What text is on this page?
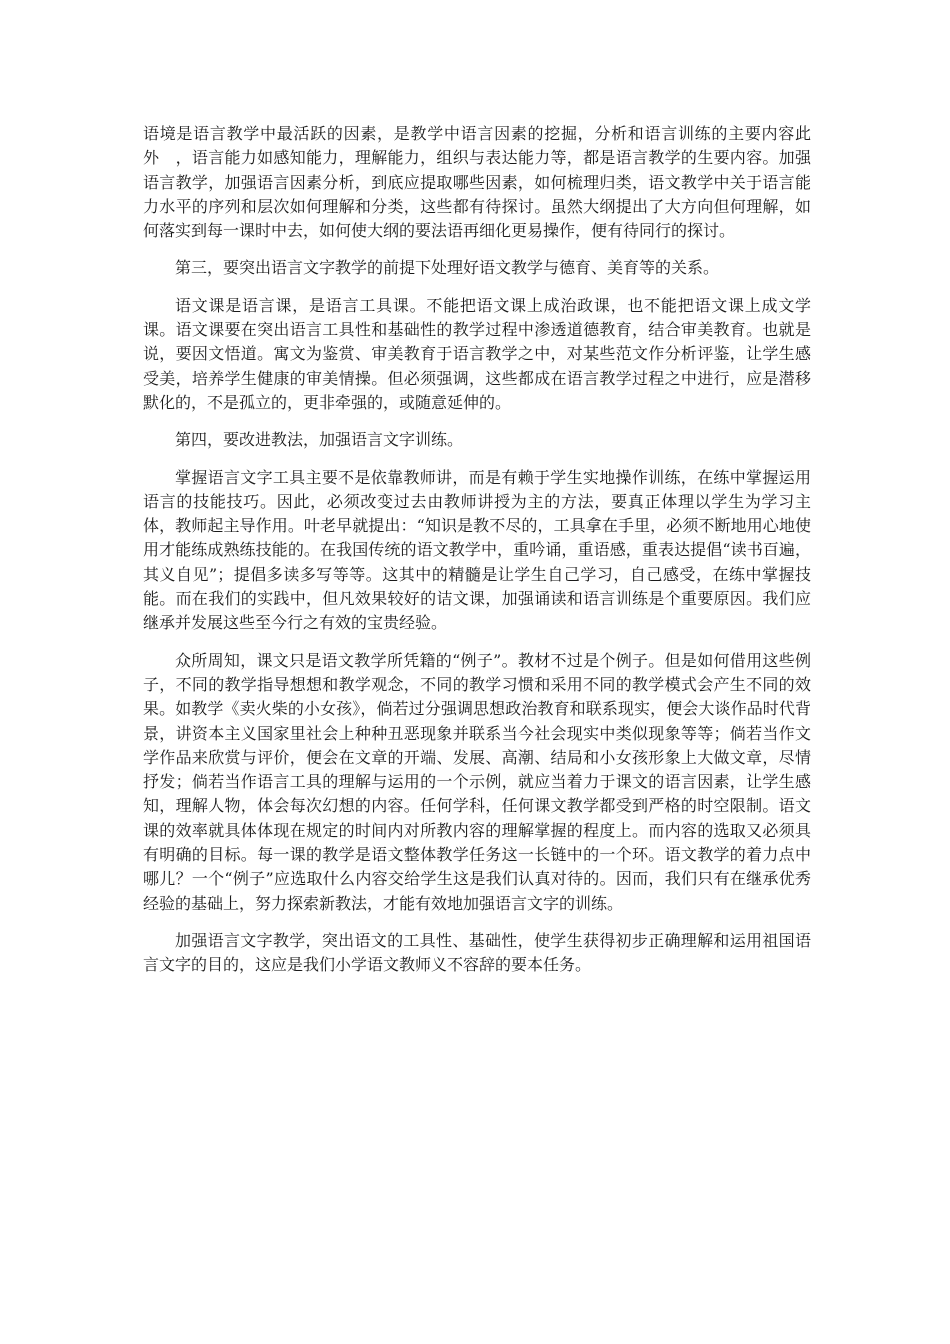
语境是语言教学中最活跃的因素，是教学中语言因素的挖掘，分析和语言训练的主要内容此外　，语言能力如感知能力，理解能力，组织与表达能力等，都是语言教学的生要内容。加强语言教学，加强语言因素分析，到底应提取哪些因素，如何梳理归类，语文教学中关于语言能力水平的序列和层次如何理解和分类，这些都有待探讨。虽然大纲提出了大方向但何理解，如何落实到每一课时中去，如何使大纲的要法语再细化更易操作，便有待同行的探讨。

第三，要突出语言文字教学的前提下处理好语文教学与德育、美育等的关系。

语文课是语言课，是语言工具课。不能把语文课上成治政课，也不能把语文课上成文学课。语文课要在突出语言工具性和基础性的教学过程中渗透道德教育，结合审美教育。也就是说，要因文悟道。寓文为鉴赏、审美教育于语言教学之中，对某些范文作分析评鉴，让学生感受美，培养学生健康的审美情操。但必须强调，这些都成在语言教学过程之中进行，应是潜移默化的，不是孤立的，更非牵强的，或随意延伸的。

第四，要改进教法，加强语言文字训练。

掌握语言文字工具主要不是依靠教师讲，而是有赖于学生实地操作训练，在练中掌握运用语言的技能技巧。因此，必须改变过去由教师讲授为主的方法，要真正体理以学生为学习主体，教师起主导作用。叶老早就提出：“知识是教不尽的，工具拿在手里，必须不断地用心地使用才能练成熟练技能的。在我国传统的语文教学中，重吟诵，重语感，重表达提倡“读书百遍，其义自见”；提倡多读多写等等。这其中的精髓是让学生自己学习，自己感受，在练中掌握技能。而在我们的实践中，但凡效果较好的诘文课，加强诵读和语言训练是个重要原因。我们应继承并发展这些至今行之有效的宝贵经验。

众所周知，课文只是语文教学所凭籍的“例子”。教材不过是个例子。但是如何借用这些例子，不同的教学指导想想和教学观念，不同的教学习惯和采用不同的教学模式会产生不同的效果。如教学《卖火柴的小女孩》，倘若过分强调思想政治教育和联系现实，便会大谈作品时代背景，讲资本主义国家里社会上种种丑恶现象并联系当今社会现实中类似现象等等；倘若当作文学作品来欣赏与评价，便会在文章的开端、发展、高潮、结局和小女孩形象上大做文章，尽情抒发；倘若当作语言工具的理解与运用的一个示例，就应当着力于课文的语言因素，让学生感知，理解人物，体会每次幻想的内容。任何学科，任何课文教学都受到严格的时空限制。语文课的效率就具体体现在规定的时间内对所教内容的理解掌握的程度上。而内容的选取又必须具有明确的目标。每一课的教学是语文整体教学任务这一长链中的一个环。语文教学的着力点中哪儿？一个“例子”应选取什么内容交给学生这是我们认真对待的。因而，我们只有在继承优秀经验的基础上，努力探索新教法，才能有效地加强语言文字的训练。

加强语言文字教学，突出语文的工具性、基础性，使学生获得初步正确理解和运用祖国语言文字的目的，这应是我们小学语文教师义不容辞的要本任务。
